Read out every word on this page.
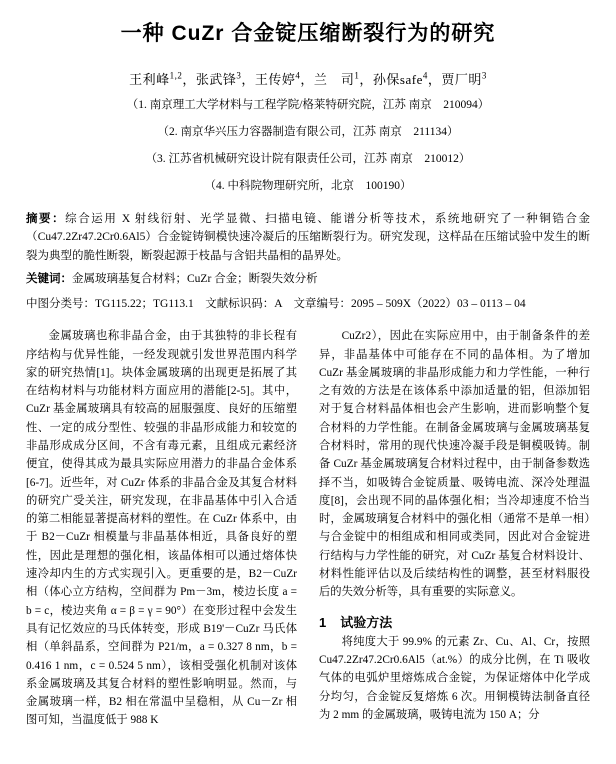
一种 CuZr 合金锭压缩断裂行为的研究
王利峰$^{1,2}$，张武锋$^3$，王传婷$^4$，兰　司$^1$，孙保safe$^4$，贾厂明$^3$
（1. 南京理工大学材料与工程学院/格莱特研究院，江苏 南京　210094）
（2. 南京华兴压力容器制造有限公司，江苏 南京　211134）
（3. 江苏省机械研究设计院有限责任公司，江苏 南京　210012）
（4. 中科院物理研究所，北京　100190）
摘要：综合运用 X 射线衍射、光学显微、扫描电镜、能谱分析等技术，系统地研究了一种铜锆合金（Cu47.2Zr47.2Cr0.6Al5）合金锭铸铜模快速冷凝后的压缩断裂行为。研究发现，这样品在压缩试验中发生的断裂为典型的脆性断裂，断裂起源于枝晶与含铝共晶相的晶界处。
关键词：金属玻璃基复合材料；CuZr 合金；断裂失效分析
中图分类号：TG115.22；TG113.1　文献标识码：A　文章编号：2095 – 509X（2022）03 – 0113 – 04

金属玻璃也称非晶合金，由于其独特的非长程有序结构与优异性能，一经发现就引发世界范围内科学家的研究热情[1]。块体金属玻璃的出现更是拓展了其在结构材料与功能材料方面应用的潜能[2-5]。其中，CuZr 基金属玻璃具有较高的屈服强度、良好的压缩塑性、一定的成分型性、较强的非晶形成能力和较宽的非晶形成成分区间，不含有毒元素，且组成元素经济便宜，使得其成为最具实际应用潜力的非晶合金体系[6-7]。近些年，对 CuZr 体系的非晶合金及其复合材料的研究广受关注，研究发现，在非晶基体中引入合适的第二相能显著提高材料的塑性。在 CuZr 体系中，由于 B2－CuZr 相模量与非晶基体相近，具备良好的塑性，因此是理想的强化相，该晶体相可以通过熔体快速冷却内生的方式实现引入。更重要的是，B2－CuZr 相（体心立方结构，空间群为 Pm－3m，棱边长度 a = b = c，棱边夹角 α = β = γ = 90°）在变形过程中会发生具有记忆效应的马氏体转变，形成 B19'－CuZr 马氏体相（单斜晶系，空间群为 P21/m，a = 0.327 8 nm，b = 0.416 1 nm，c = 0.524 5 nm），该相受强化机制对该体系金属玻璃及其复合材料的塑性影响明显。然而，与金属玻璃一样，B2 相在常温中呈稳相，从 Cu－Zr 相图可知，当温度低于 988 K

CuZr2），因此在实际应用中，由于制备条件的差异，非晶基体中可能存在不同的晶体相。为了增加 CuZr 基金属玻璃的非晶形成能力和力学性能，一种行之有效的方法是在该体系中添加适量的铝，但添加铝对于复合材料晶体相也会产生影响，进而影响整个复合材料的力学性能。在制备金属玻璃与金属玻璃基复合材料时，常用的现代快速冷凝手段是铜模吸铸。制备 CuZr 基金属玻璃复合材料过程中，由于制备参数选择不当，如吸铸合金锭质量、吸铸电流、深冷处理温度[8]，会出现不同的晶体强化相；当冷却速度不恰当时，金属玻璃复合材料中的强化相（通常不是单一相）与合金锭中的相组成和相同或类同，因此对合金锭进行结构与力学性能的研究，对 CuZr 基复合材料设计、材料性能评估以及后续结构性的调整，甚至材料服役后的失效分析等，具有重要的实际意义。

1 试验方法

将纯度大于 99.9% 的元素 Zr、Cu、Al、Cr，按照 Cu47.2Zr47.2Cr0.6Al5（at.%）的成分比例，在 Ti 吸收气体的电弧炉里熔炼成合金锭，为保证熔体中化学成分均匀，合金锭反复熔炼 6 次。用铜模铸法制备直径为 2 mm 的金属玻璃，吸铸电流为 150 A；分
